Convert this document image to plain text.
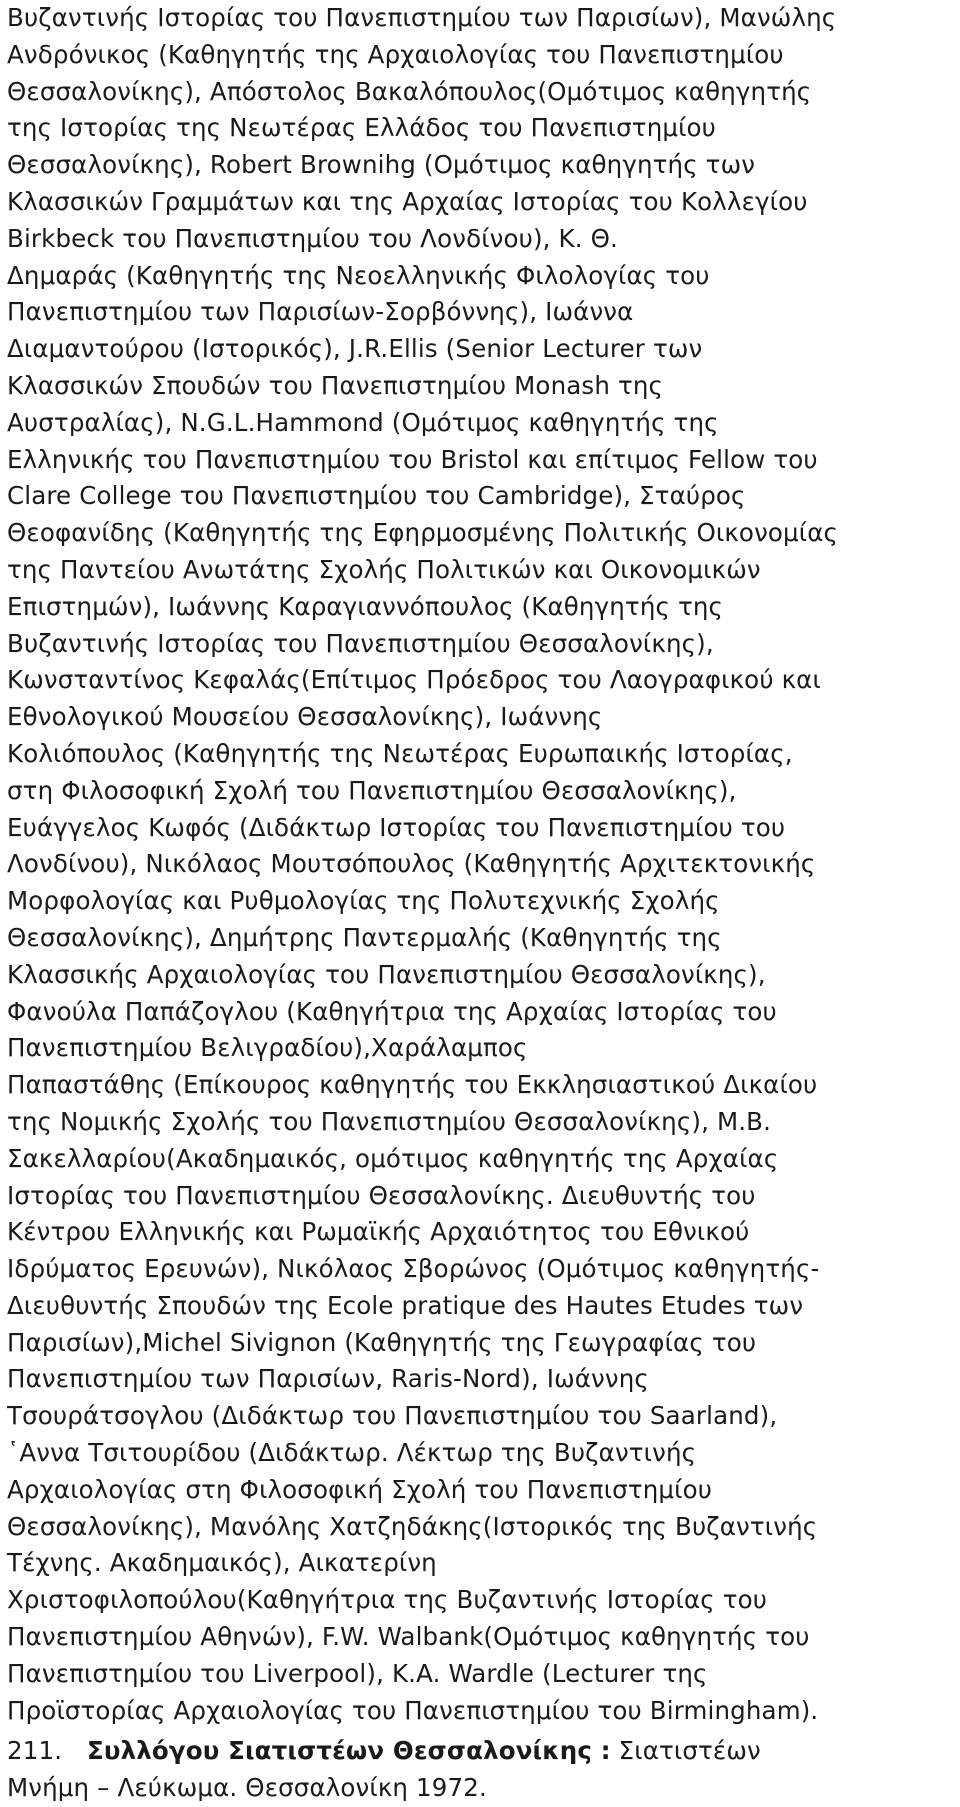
Βυζαντινής Ιστορίας του Πανεπιστημίου των Παρισίων), Μανώλης
Ανδρόνικος (Καθηγητής της Αρχαιολογίας του Πανεπιστημίου
Θεσσαλονίκης), Απόστολος Βακαλόπουλος(Ομότιμος καθηγητής
της Ιστορίας της Νεωτέρας Ελλάδος του Πανεπιστημίου
Θεσσαλονίκης), Robert Brownihg (Ομότιμος καθηγητής των
Κλασσικών Γραμμάτων και της Αρχαίας Ιστορίας του Κολλεγίου
Birkbeck του Πανεπιστημίου του Λονδίνου), K. Θ.
Δημαράς (Καθηγητής της Νεοελληνικής Φιλολογίας του
Πανεπιστημίου των Παρισίων-Σορβόννης), Ιωάννα
Διαμαντούρου (Ιστορικός), J.R.Ellis (Senior Lecturer των
Κλασσικών Σπουδών του Πανεπιστημίου Monash της
Αυστραλίας), N.G.L.Hammond (Ομότιμος καθηγητής της
Ελληνικής του Πανεπιστημίου του Bristol και επίτιμος Fellow του
Clare College του Πανεπιστημίου του Cambridge), Σταύρος
Θεοφανίδης (Καθηγητής της Εφηρμοσμένης Πολιτικής Οικονομίας
της Παντείου Ανωτάτης Σχολής Πολιτικών και Οικονομικών
Επιστημών), Ιωάννης Καραγιαννόπουλος (Καθηγητής της
Βυζαντινής Ιστορίας του Πανεπιστημίου Θεσσαλονίκης),
Κωνσταντίνος Κεφαλάς(Επίτιμος Πρόεδρος του Λαογραφικού και
Εθνολογικού Μουσείου Θεσσαλονίκης), Ιωάννης
Κολιόπουλος (Καθηγητής της Νεωτέρας Ευρωπαικής Ιστορίας,
στη Φιλοσοφική Σχολή του Πανεπιστημίου Θεσσαλονίκης),
Ευάγγελος Κωφός (Διδάκτωρ Ιστορίας του Πανεπιστημίου του
Λονδίνου), Νικόλαος Μουτσόπουλος (Καθηγητής Αρχιτεκτονικής
Μορφολογίας και Ρυθμολογίας της Πολυτεχνικής Σχολής
Θεσσαλονίκης), Δημήτρης Παντερμαλής (Καθηγητής της
Κλασσικής Αρχαιολογίας του Πανεπιστημίου Θεσσαλονίκης),
Φανούλα Παπάζογλου (Καθηγήτρια της Αρχαίας Ιστορίας του
Πανεπιστημίου Βελιγραδίου),Χαράλαμπος
Παπαστάθης (Επίκουρος καθηγητής του Εκκλησιαστικού Δικαίου
της Νομικής Σχολής του Πανεπιστημίου Θεσσαλονίκης), M.B.
Σακελλαρίου(Ακαδημαικός, ομότιμος καθηγητής της Αρχαίας
Ιστορίας του Πανεπιστημίου Θεσσαλονίκης. Διευθυντής του
Κέντρου Ελληνικής και Ρωμαϊκής Αρχαιότητος του Εθνικού
Ιδρύματος Ερευνών), Νικόλαος Σβορώνος (Ομότιμος καθηγητής-
Διευθυντής Σπουδών της Ecole pratique des Hautes Etudes των
Παρισίων),Michel Sivignon (Καθηγητής της Γεωγραφίας του
Πανεπιστημίου των Παρισίων, Raris-Nord), Ιωάννης
Τσουράτσογλου (Διδάκτωρ του Πανεπιστημίου του Saarland),
῾Αννα Τσιτουρίδου (Διδάκτωρ. Λέκτωρ της Βυζαντινής
Αρχαιολογίας στη Φιλοσοφική Σχολή του Πανεπιστημίου
Θεσσαλονίκης), Μανόλης Χατζηδάκης(Ιστορικός της Βυζαντινής
Τέχνης. Ακαδημαικός), Αικατερίνη
Χριστοφιλοπούλου(Καθηγήτρια της Βυζαντινής Ιστορίας του
Πανεπιστημίου Αθηνών), F.W. Walbank(Ομότιμος καθηγητής του
Πανεπιστημίου του Liverpool), K.A. Wardle (Lecturer της
Προϊστορίας Αρχαιολογίας του Πανεπιστημίου του Birmingham).
211. Συλλόγου Σιατιστέων Θεσσαλονίκης : Σιατιστέων
Μνήμη – Λεύκωμα. Θεσσαλονίκη 1972.
